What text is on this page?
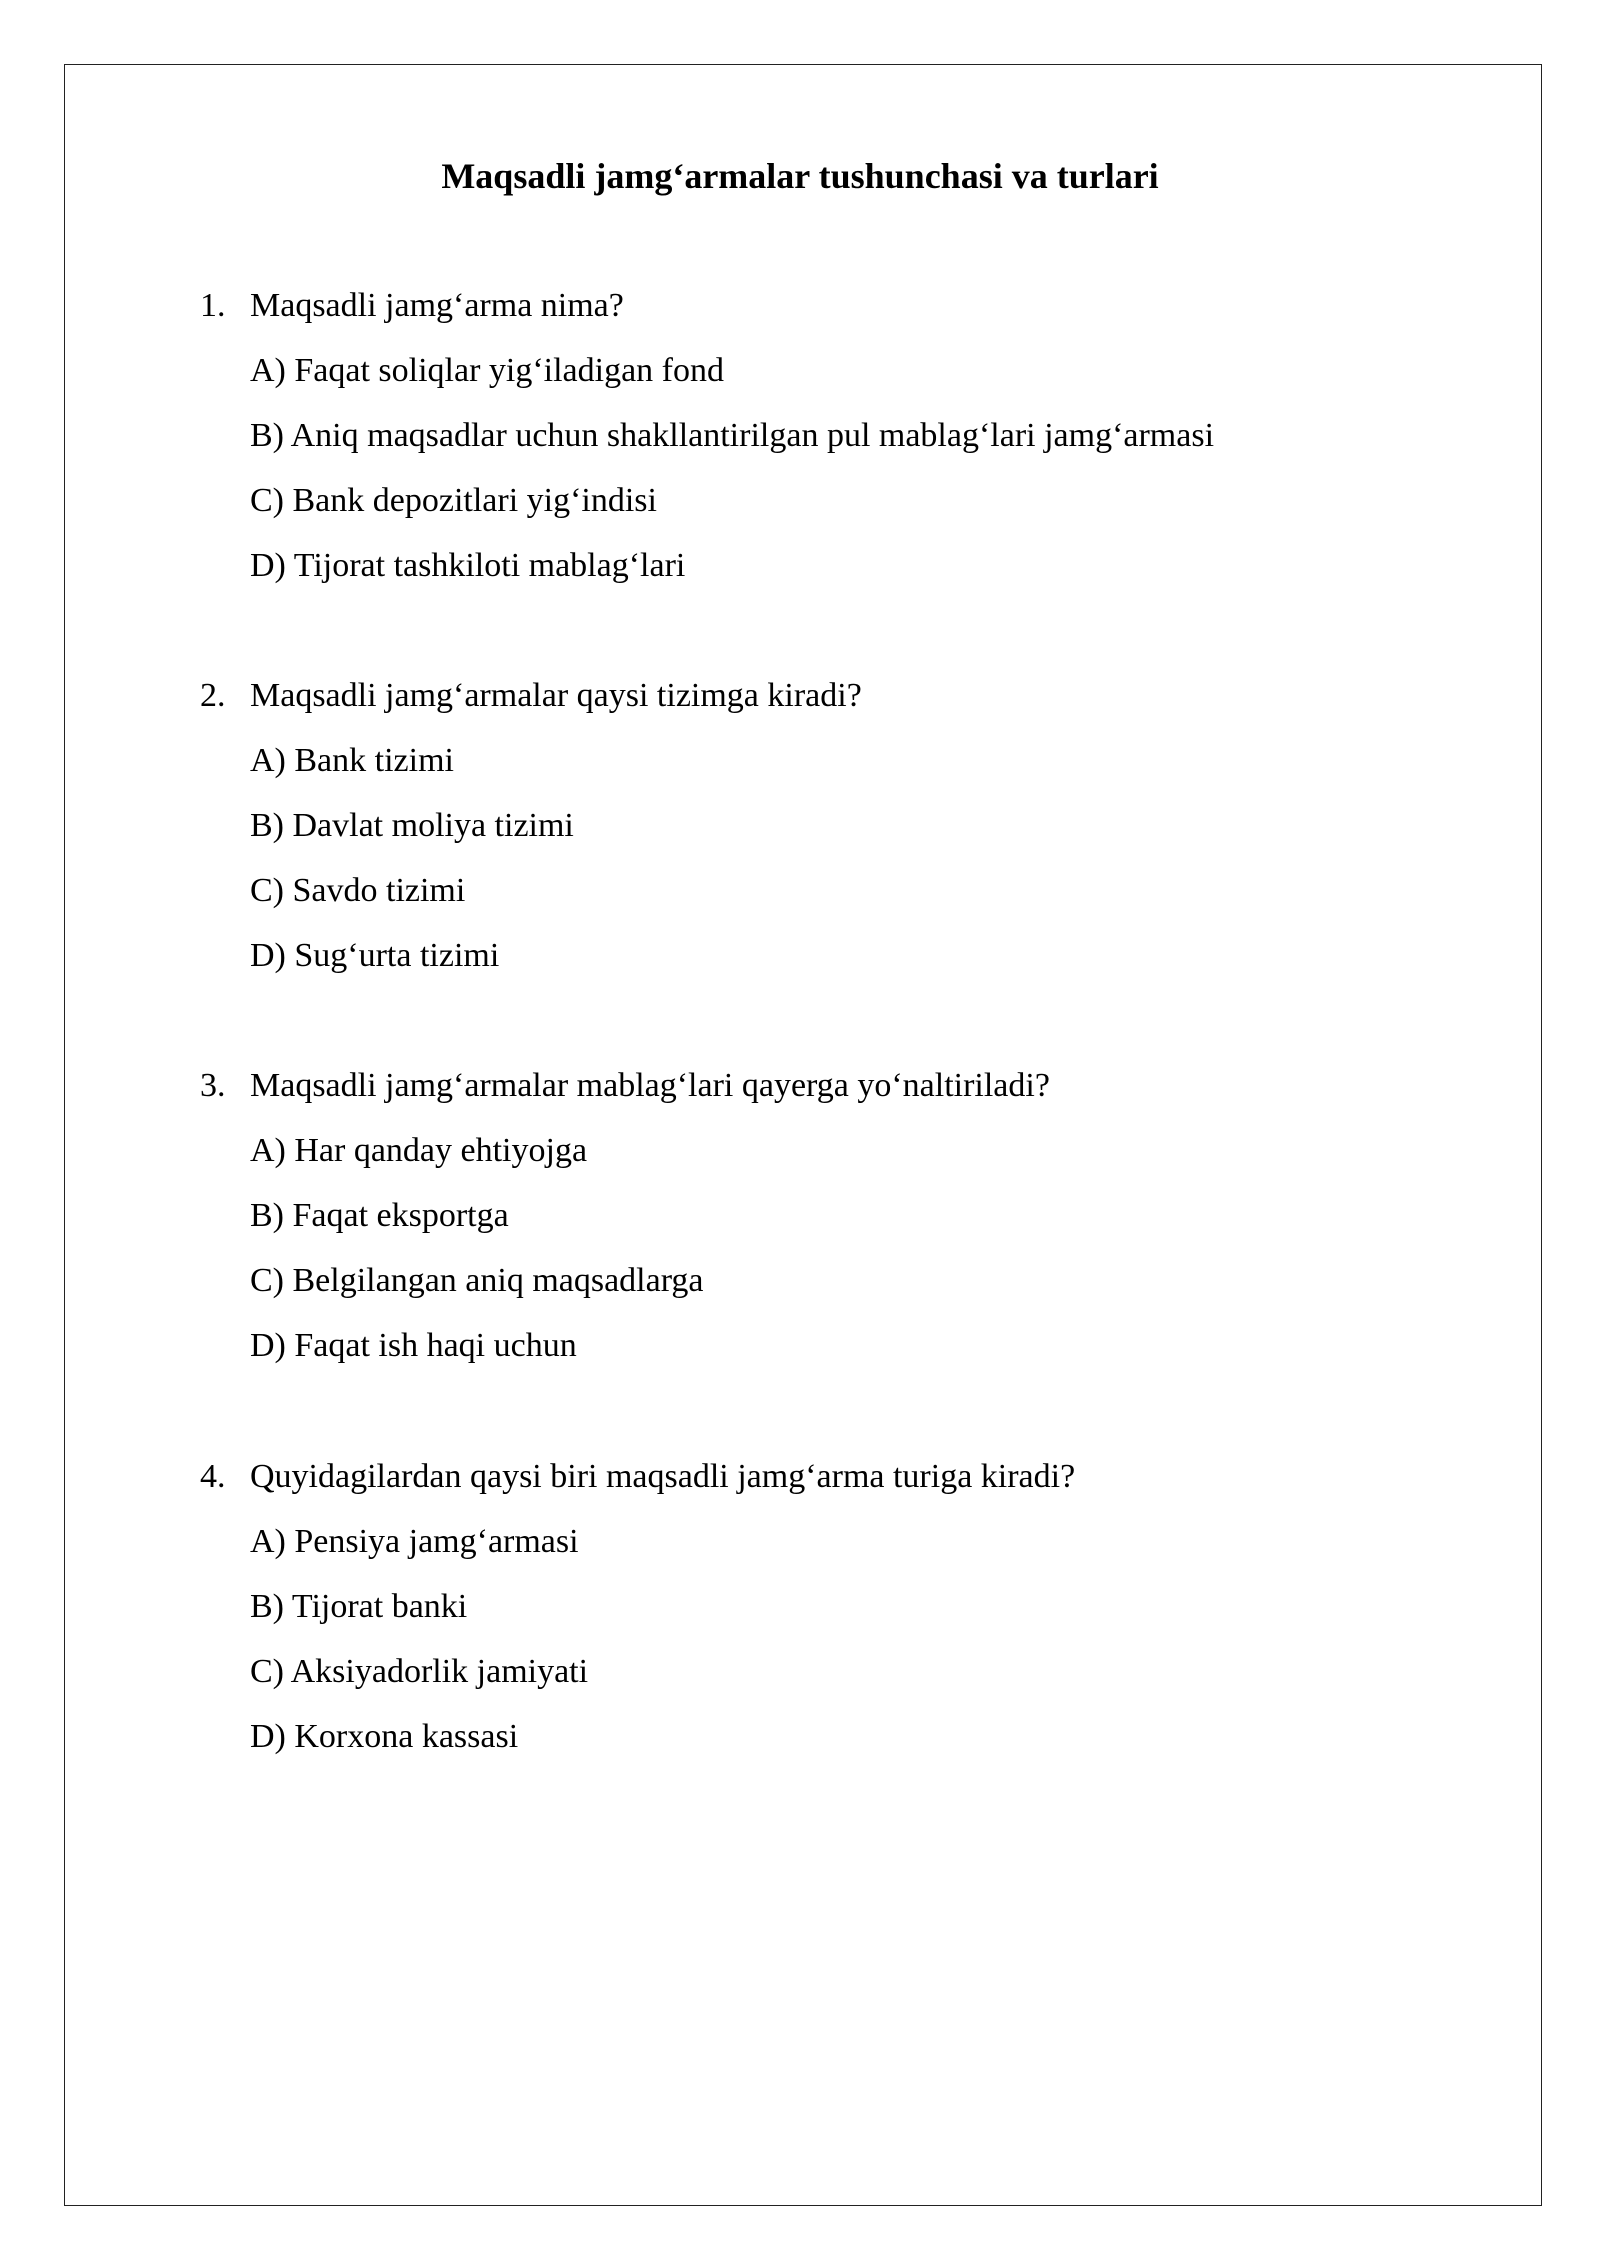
Maqsadli jamg‘armalar tushunchasi va turlari
1. Maqsadli jamg‘arma nima?
A) Faqat soliqlar yig‘iladigan fond
B) Aniq maqsadlar uchun shakllantirilgan pul mablag‘lari jamg‘armasi
C) Bank depozitlari yig‘indisi
D) Tijorat tashkiloti mablag‘lari
2. Maqsadli jamg‘armalar qaysi tizimga kiradi?
A) Bank tizimi
B) Davlat moliya tizimi
C) Savdo tizimi
D) Sug‘urta tizimi
3. Maqsadli jamg‘armalar mablag‘lari qayerga yo‘naltiriladi?
A) Har qanday ehtiyojga
B) Faqat eksportga
C) Belgilangan aniq maqsadlarga
D) Faqat ish haqi uchun
4. Quyidagilardan qaysi biri maqsadli jamg‘arma turiga kiradi?
A) Pensiya jamg‘armasi
B) Tijorat banki
C) Aksiyadorlik jamiyati
D) Korxona kassasi
